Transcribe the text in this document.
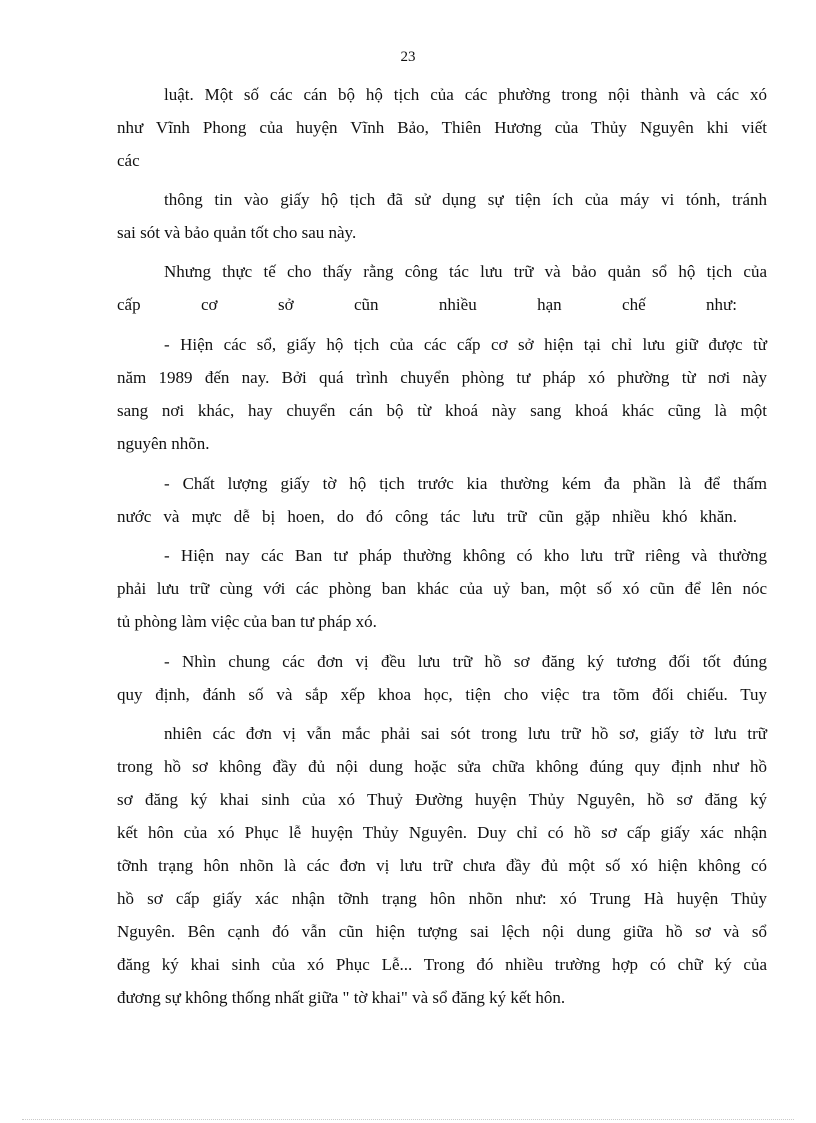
23
luật. Một số các cán bộ hộ tịch của các phường trong nội thành và các xó
như Vĩnh Phong của huyện Vĩnh Bảo, Thiên Hương của Thủy Nguyên khi viết
các
thông tin vào giấy hộ tịch đã sử dụng sự tiện ích của máy vi tónh, tránh
sai sót và bảo quản tốt cho sau này.
Nhưng thực tế cho thấy rằng công tác lưu trữ và bảo quản sổ hộ tịch của
cấp cơ sở cũn nhiều hạn chế như:
- Hiện các sổ, giấy hộ tịch của các cấp cơ sở hiện tại chỉ lưu giữ được từ
năm 1989 đến nay. Bởi quá trình chuyển phòng tư pháp xó phường từ nơi này
sang nơi khác, hay chuyển cán bộ từ khoá này sang khoá khác cũng là một
nguyên nhõn.
- Chất lượng giấy tờ hộ tịch trước kia thường kém đa phần là để thấm
nước và mực dễ bị hoen, do đó công tác lưu trữ cũn gặp nhiều khó khăn.
- Hiện nay các Ban tư pháp thường không có kho lưu trữ riêng và thường
phải lưu trữ cùng với các phòng ban khác của uỷ ban, một số xó cũn để lên nóc
tủ phòng làm việc của ban tư pháp xó.
- Nhìn chung các đơn vị đều lưu trữ hồ sơ đăng ký tương đối tốt đúng
quy định, đánh số và sắp xếp khoa học, tiện cho việc tra tõm đối chiếu. Tuy
nhiên các đơn vị vẫn mắc phải sai sót trong lưu trữ hồ sơ, giấy tờ lưu trữ
trong hồ sơ không đầy đủ nội dung hoặc sửa chữa không đúng quy định như hồ
sơ đăng ký khai sinh của xó Thuỷ Đường huyện Thủy Nguyên, hồ sơ đăng ký
kết hôn của xó Phục lễ huyện Thủy Nguyên. Duy chỉ có hồ sơ cấp giấy xác nhận
tỡnh trạng hôn nhõn là các đơn vị lưu trữ chưa đầy đủ một số xó hiện không có
hồ sơ cấp giấy xác nhận tỡnh trạng hôn nhõn như: xó Trung Hà huyện Thủy
Nguyên. Bên cạnh đó vẫn cũn hiện tượng sai lệch nội dung giữa hồ sơ và sổ
đăng ký khai sinh của xó Phục Lễ... Trong đó nhiều trường hợp có chữ ký của
đương sự không thống nhất giữa " tờ khai" và sổ đăng ký kết hôn.
